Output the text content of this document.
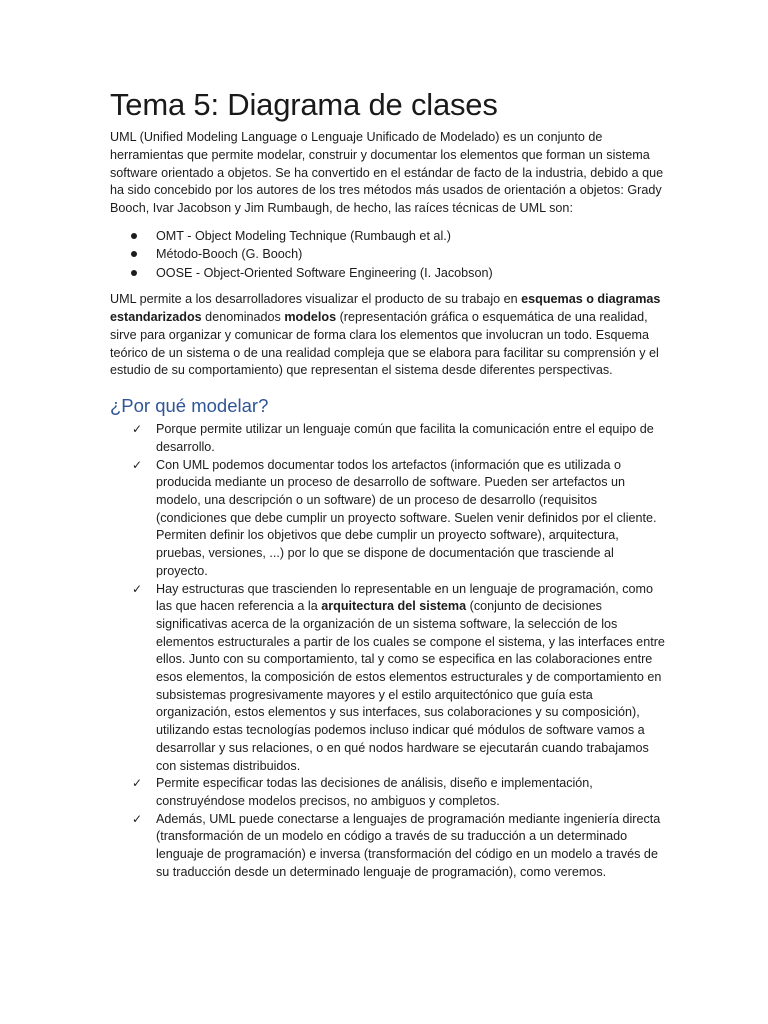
Tema 5: Diagrama de clases

UML (Unified Modeling Language o Lenguaje Unificado de Modelado) es un conjunto de herramientas que permite modelar, construir y documentar los elementos que forman un sistema software orientado a objetos. Se ha convertido en el estándar de facto de la industria, debido a que ha sido concebido por los autores de los tres métodos más usados de orientación a objetos: Grady Booch, Ivar Jacobson y Jim Rumbaugh, de hecho, las raíces técnicas de UML son:

OMT - Object Modeling Technique (Rumbaugh et al.)
Método-Booch (G. Booch)
OOSE - Object-Oriented Software Engineering (I. Jacobson)

UML permite a los desarrolladores visualizar el producto de su trabajo en esquemas o diagramas estandarizados denominados modelos (representación gráfica o esquemática de una realidad, sirve para organizar y comunicar de forma clara los elementos que involucran un todo. Esquema teórico de un sistema o de una realidad compleja que se elabora para facilitar su comprensión y el estudio de su comportamiento) que representan el sistema desde diferentes perspectivas.

¿Por qué modelar?
✓ Porque permite utilizar un lenguaje común que facilita la comunicación entre el equipo de desarrollo.
✓ Con UML podemos documentar todos los artefactos (información que es utilizada o producida mediante un proceso de desarrollo de software. Pueden ser artefactos un modelo, una descripción o un software) de un proceso de desarrollo (requisitos (condiciones que debe cumplir un proyecto software. Suelen venir definidos por el cliente. Permiten definir los objetivos que debe cumplir un proyecto software), arquitectura, pruebas, versiones, ...) por lo que se dispone de documentación que trasciende al proyecto.
✓ Hay estructuras que trascienden lo representable en un lenguaje de programación, como las que hacen referencia a la arquitectura del sistema (conjunto de decisiones significativas acerca de la organización de un sistema software, la selección de los elementos estructurales a partir de los cuales se compone el sistema, y las interfaces entre ellos. Junto con su comportamiento, tal y como se especifica en las colaboraciones entre esos elementos, la composición de estos elementos estructurales y de comportamiento en subsistemas progresivamente mayores y el estilo arquitectónico que guía esta organización, estos elementos y sus interfaces, sus colaboraciones y su composición), utilizando estas tecnologías podemos incluso indicar qué módulos de software vamos a desarrollar y sus relaciones, o en qué nodos hardware se ejecutarán cuando trabajamos con sistemas distribuidos.
✓ Permite especificar todas las decisiones de análisis, diseño e implementación, construyéndose modelos precisos, no ambiguos y completos.
✓ Además, UML puede conectarse a lenguajes de programación mediante ingeniería directa (transformación de un modelo en código a través de su traducción a un determinado lenguaje de programación) e inversa (transformación del código en un modelo a través de su traducción desde un determinado lenguaje de programación), como veremos.
